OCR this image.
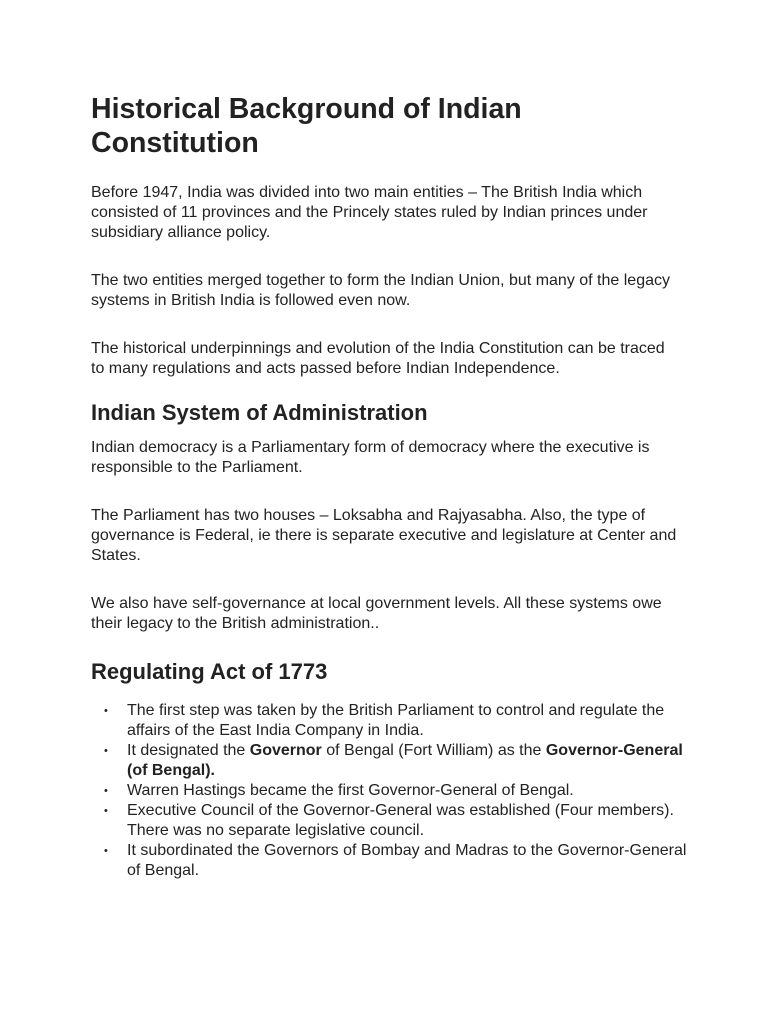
Historical Background of Indian Constitution

Before 1947, India was divided into two main entities – The British India which consisted of 11 provinces and the Princely states ruled by Indian princes under subsidiary alliance policy.

The two entities merged together to form the Indian Union, but many of the legacy systems in British India is followed even now.

The historical underpinnings and evolution of the India Constitution can be traced to many regulations and acts passed before Indian Independence.

Indian System of Administration

Indian democracy is a Parliamentary form of democracy where the executive is responsible to the Parliament.

The Parliament has two houses – Loksabha and Rajyasabha. Also, the type of governance is Federal, ie there is separate executive and legislature at Center and States.

We also have self-governance at local government levels. All these systems owe their legacy to the British administration..

Regulating Act of 1773
• The first step was taken by the British Parliament to control and regulate the affairs of the East India Company in India.
• It designated the Governor of Bengal (Fort William) as the Governor-General (of Bengal).
• Warren Hastings became the first Governor-General of Bengal.
• Executive Council of the Governor-General was established (Four members). There was no separate legislative council.
• It subordinated the Governors of Bombay and Madras to the Governor-General of Bengal.
